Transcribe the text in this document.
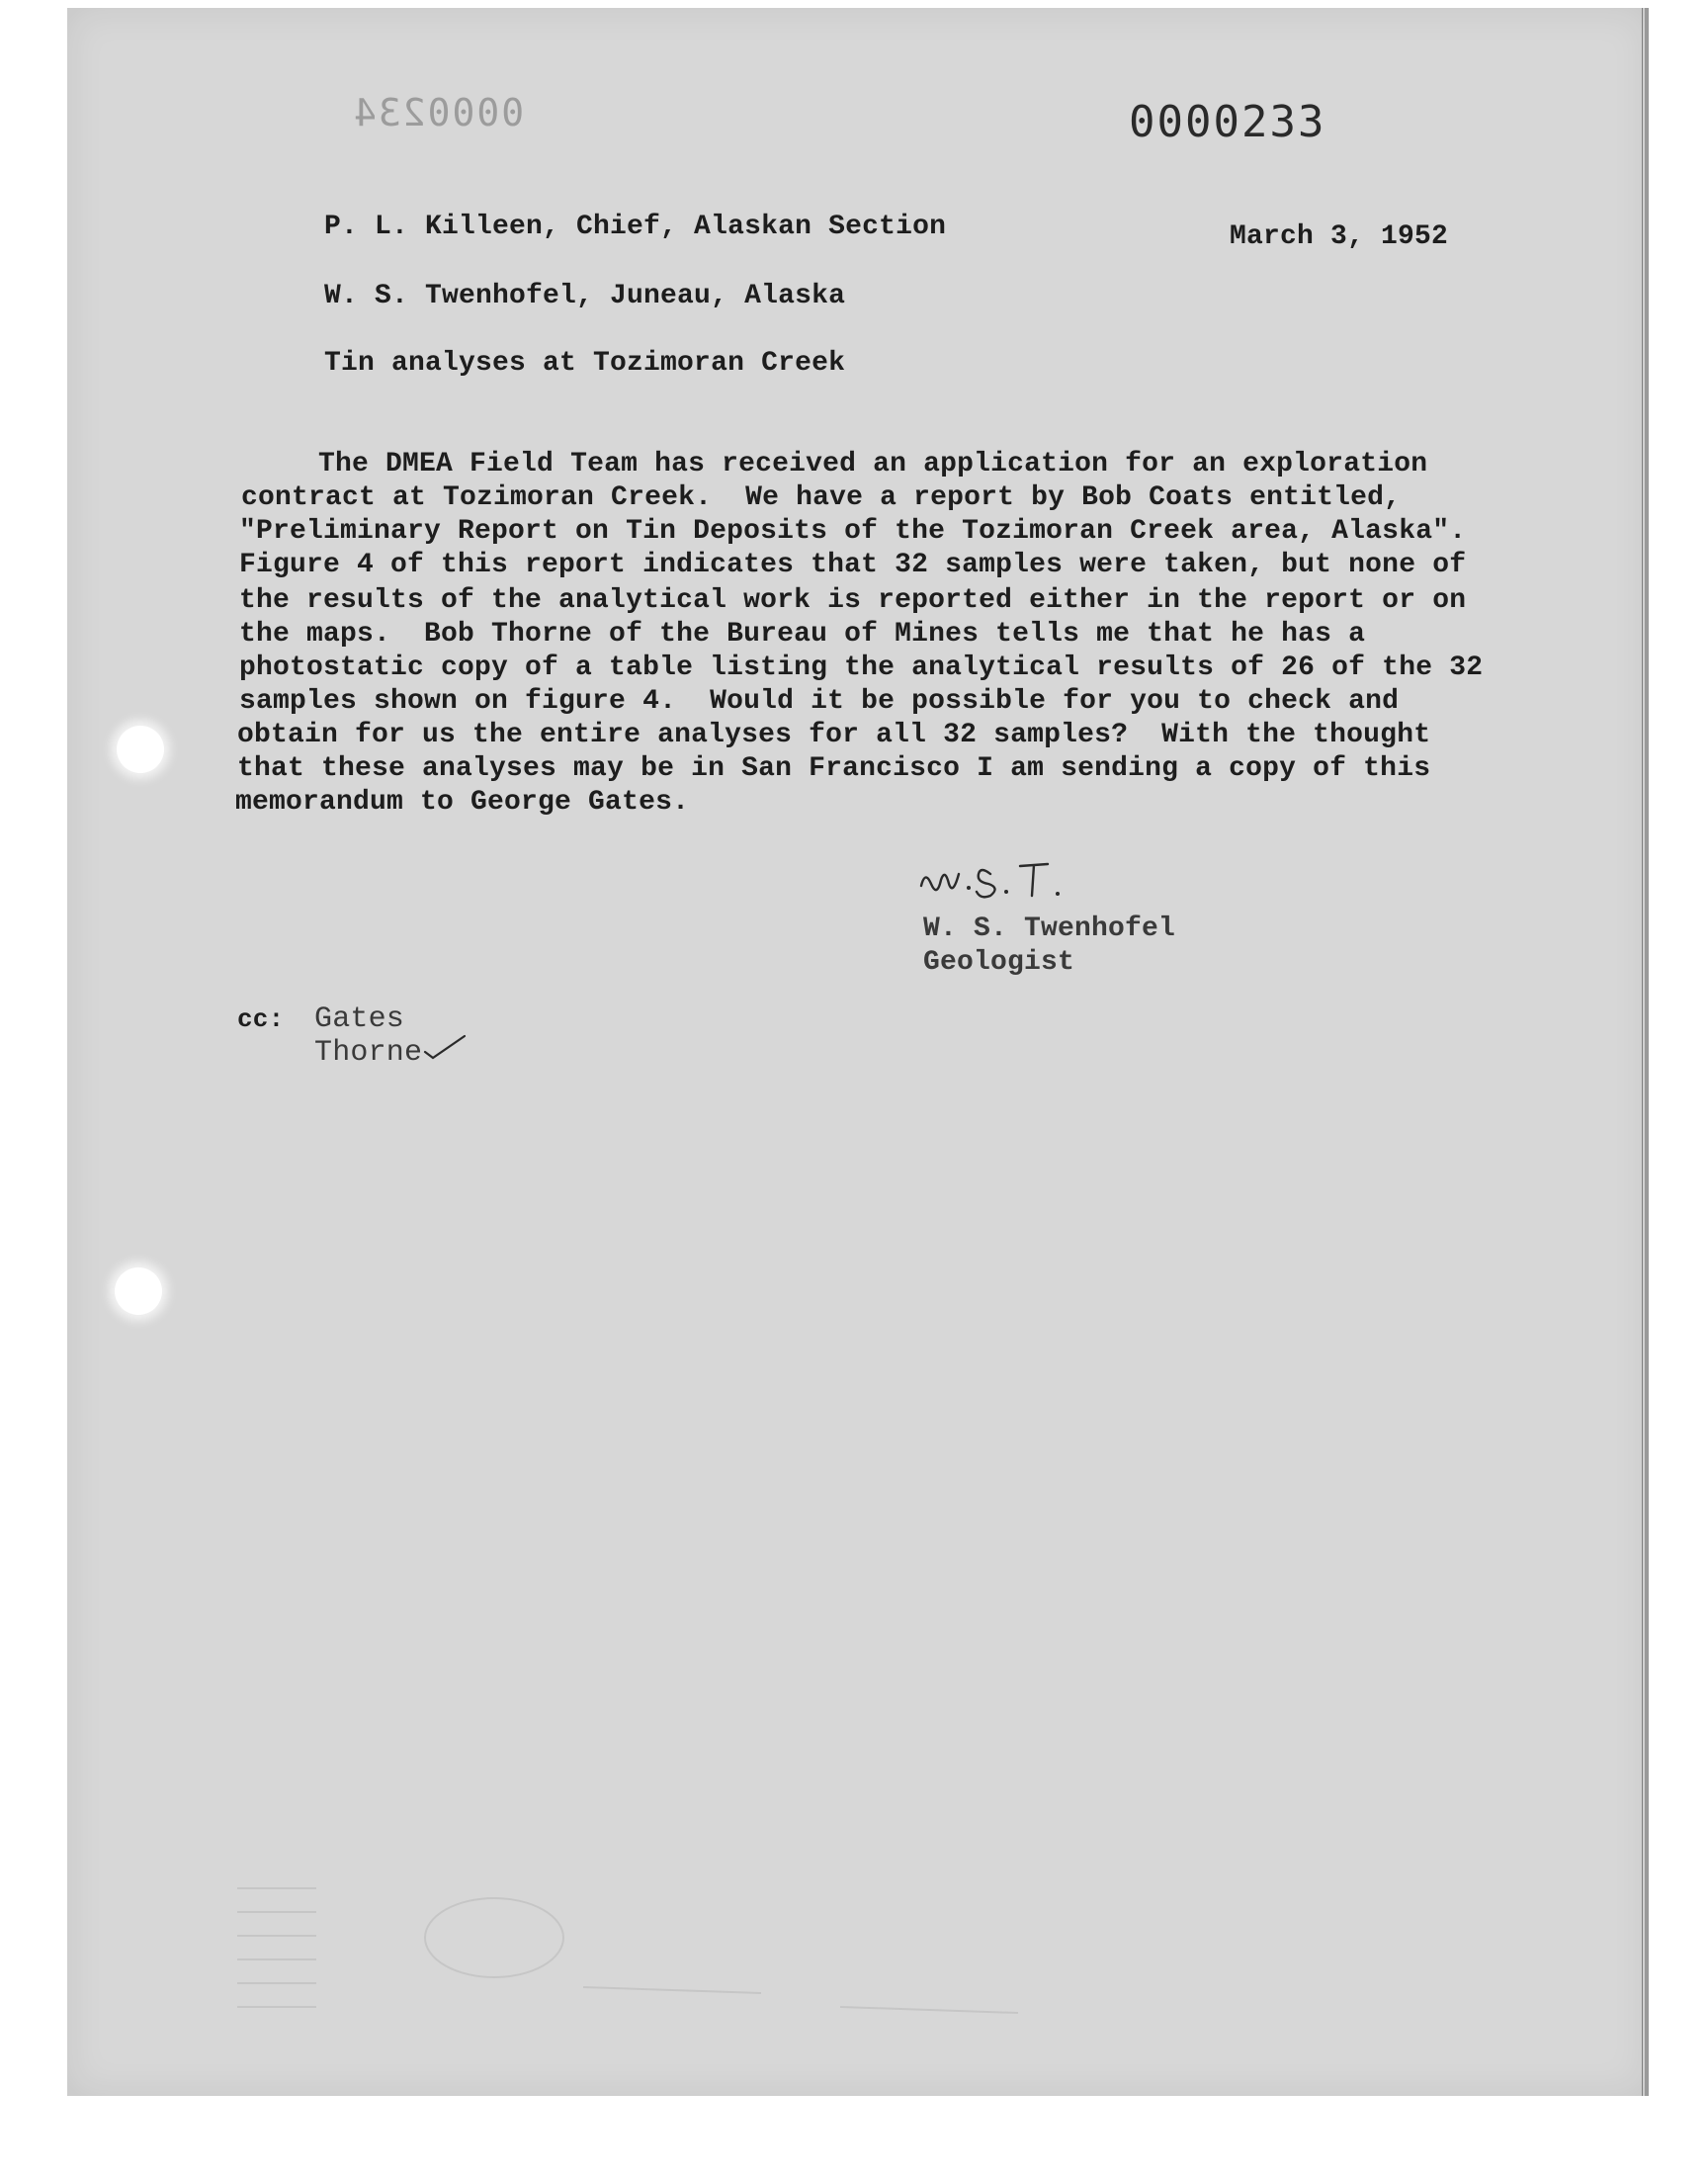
0000234	0000233
P. L. Killeen, Chief, Alaskan Section	March 3, 1952
W. S. Twenhofel, Juneau, Alaska
Tin analyses at Tozimoran Creek
The DMEA Field Team has received an application for an exploration
contract at Tozimoran Creek.  We have a report by Bob Coats entitled,
"Preliminary Report on Tin Deposits of the Tozimoran Creek area, Alaska".
Figure 4 of this report indicates that 32 samples were taken, but none of
the results of the analytical work is reported either in the report or on
the maps.  Bob Thorne of the Bureau of Mines tells me that he has a
photostatic copy of a table listing the analytical results of 26 of the 32
samples shown on figure 4.  Would it be possible for you to check and
obtain for us the entire analyses for all 32 samples?  With the thought
that these analyses may be in San Francisco I am sending a copy of this
memorandum to George Gates.
W. S. Twenhofel
Geologist
cc: Gates
Thorne
